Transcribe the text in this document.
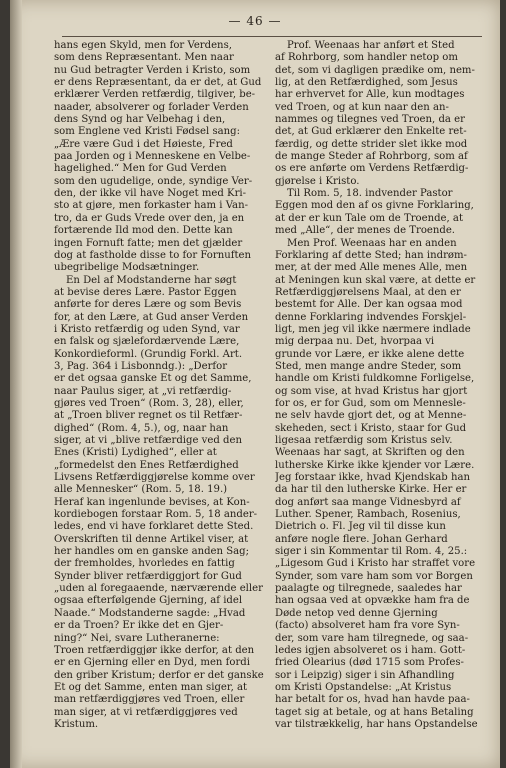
— 46 —
hans egen Skyld, men for Verdens,
som dens Repræsentant. Men naar
nu Gud betragter Verden i Kristo, som
er dens Repræsentant, da er det, at Gud
erklærer Verden retfærdig, tilgiver, be-
naader, absolverer og forlader Verden
dens Synd og har Velbehag i den,
som Englene ved Kristi Fødsel sang:
„Ære være Gud i det Høieste, Fred
paa Jorden og i Menneskene en Velbe-
hagelighed.“ Men for Gud Verden
som den ugudelige, onde, syndige Ver-
den, der ikke vil have Noget med Kri-
sto at gjøre, men forkaster ham i Van-
tro, da er Guds Vrede over den, ja en
fortærende Ild mod den. Dette kan
ingen Fornuft fatte; men det gjælder
dog at fastholde disse to for Fornuften
ubegribelige Modsætninger.
En Del af Modstanderne har søgt
at bevise deres Lære. Pastor Eggen
anførte for deres Lære og som Bevis
for, at den Lære, at Gud anser Verden
i Kristo retfærdig og uden Synd, var
en falsk og sjælefordærvende Lære,
Konkordieforml. (Grundig Forkl. Art.
3, Pag. 364 i Lisbonndg.): „Derfor
er det ogsaa ganske Et og det Samme,
naar Paulus siger, at „vi retfærdig-
gjøres ved Troen“ (Rom. 3, 28), eller,
at „Troen bliver regnet os til Retfær-
dighed“ (Rom. 4, 5.), og, naar han
siger, at vi „blive retfærdige ved den
Enes (Kristi) Lydighed“, eller at
„formedelst den Enes Retfærdighed
Livsens Retfærdiggjørelse komme over
alle Mennesker“ (Rom. 5, 18. 19.)
Heraf kan ingenlunde bevises, at Kon-
kordiebogen forstaar Rom. 5, 18 ander-
ledes, end vi have forklaret dette Sted.
Overskriften til denne Artikel viser, at
her handles om en ganske anden Sag;
der fremholdes, hvorledes en fattig
Synder bliver retfærdiggjort for Gud
„uden al foregaaende, nærværende eller
ogsaa efterfølgende Gjerning, af idel
Naade.“ Modstanderne sagde: „Hvad
er da Troen? Er ikke det en Gjer-
ning?“ Nei, svare Lutheranerne:
Troen retfærdiggjør ikke derfor, at den
er en Gjerning eller en Dyd, men fordi
den griber Kristum; derfor er det ganske
Et og det Samme, enten man siger, at
man retfærdiggjøres ved Troen, eller
man siger, at vi retfærdiggjøres ved
Kristum.
Prof. Weenaas har anført et Sted
af Rohrborg, som handler netop om
det, som vi dagligen prædike om, nem-
lig, at den Retfærdighed, som Jesus
har erhvervet for Alle, kun modtages
ved Troen, og at kun naar den an-
nammes og tilegnes ved Troen, da er
det, at Gud erklærer den Enkelte ret-
færdig, og dette strider slet ikke mod
de mange Steder af Rohrborg, som af
os ere anførte om Verdens Retfærdig-
gjørelse i Kristo.
Til Rom. 5, 18. indvender Pastor
Eggen mod den af os givne Forklaring,
at der er kun Tale om de Troende, at
med „Alle“, der menes de Troende.
Men Prof. Weenaas har en anden
Forklaring af dette Sted; han indrøm-
mer, at der med Alle menes Alle, men
at Meningen kun skal være, at dette er
Retfærdiggjørelsens Maal, at den er
bestemt for Alle. Der kan ogsaa mod
denne Forklaring indvendes Forskjel-
ligt, men jeg vil ikke nærmere indlade
mig derpaa nu. Det, hvorpaa vi
grunde vor Lære, er ikke alene dette
Sted, men mange andre Steder, som
handle om Kristi fuldkomne Forligelse,
og som vise, at hvad Kristus har gjort
for os, er for Gud, som om Mennesle-
ne selv havde gjort det, og at Menne-
skeheden, sect i Kristo, staar for Gud
ligesaa retfærdig som Kristus selv.
Weenaas har sagt, at Skriften og den
lutherske Kirke ikke kjender vor Lære.
Jeg forstaar ikke, hvad Kjendskab han
da har til den lutherske Kirke. Her er
dog anført saa mange Vidnesbyrd af
Luther. Spener, Rambach, Rosenius,
Dietrich o. Fl. Jeg vil til disse kun
anføre nogle flere. Johan Gerhard
siger i sin Kommentar til Rom. 4, 25.:
„Ligesom Gud i Kristo har straffet vore
Synder, som vare ham som vor Borgen
paalagte og tilregnede, saaledes har
han ogsaa ved at opvække ham fra de
Døde netop ved denne Gjerning
(facto) absolveret ham fra vore Syn-
der, som vare ham tilregnede, og saa-
ledes igjen absolveret os i ham. Gott-
fried Olearius (død 1715 som Profes-
sor i Leipzig) siger i sin Afhandling
om Kristi Opstandelse: „At Kristus
har betalt for os, hvad han havde paa-
taget sig at betale, og at hans Betaling
var tilstrækkelig, har hans Opstandelse
